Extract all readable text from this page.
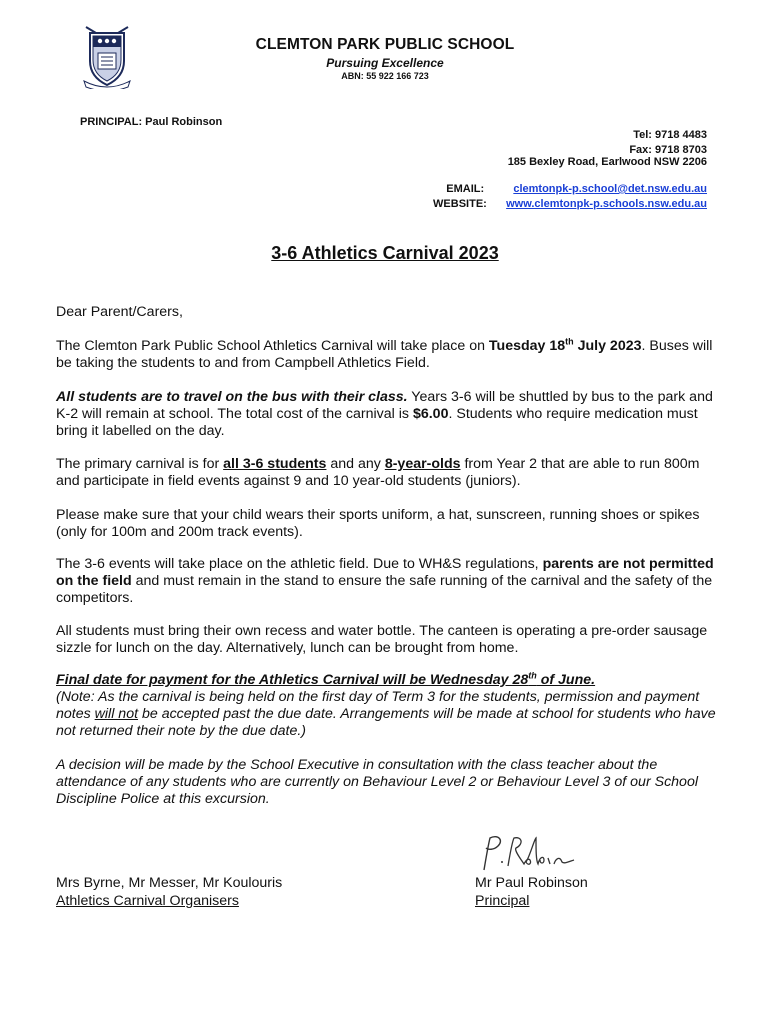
CLEMTON PARK PUBLIC SCHOOL
Pursuing Excellence
ABN: 55 922 166 723
PRINCIPAL: Paul Robinson
Tel: 9718 4483
Fax: 9718 8703
185 Bexley Road, Earlwood NSW 2206
EMAIL:	clemtonpk-p.school@det.nsw.edu.au
WEBSITE: www.clemtonpk-p.schools.nsw.edu.au
3-6 Athletics Carnival 2023

Dear Parent/Carers,

The Clemton Park Public School Athletics Carnival will take place on Tuesday 18th July 2023. Buses will be taking the students to and from Campbell Athletics Field.

All students are to travel on the bus with their class. Years 3-6 will be shuttled by bus to the park and K-2 will remain at school. The total cost of the carnival is $6.00. Students who require medication must bring it labelled on the day.

The primary carnival is for all 3-6 students and any 8-year-olds from Year 2 that are able to run 800m and participate in field events against 9 and 10 year-old students (juniors).

Please make sure that your child wears their sports uniform, a hat, sunscreen, running shoes or spikes (only for 100m and 200m track events).

The 3-6 events will take place on the athletic field. Due to WH&S regulations, parents are not permitted on the field and must remain in the stand to ensure the safe running of the carnival and the safety of the competitors.

All students must bring their own recess and water bottle. The canteen is operating a pre-order sausage sizzle for lunch on the day. Alternatively, lunch can be brought from home.

Final date for payment for the Athletics Carnival will be Wednesday 28th of June.
(Note: As the carnival is being held on the first day of Term 3 for the students, permission and payment notes will not be accepted past the due date. Arrangements will be made at school for students who have not returned their note by the due date.)

A decision will be made by the School Executive in consultation with the class teacher about the attendance of any students who are currently on Behaviour Level 2 or Behaviour Level 3 of our School Discipline Police at this excursion.

Mrs Byrne, Mr Messer, Mr Koulouris
Athletics Carnival Organisers
Mr Paul Robinson
Principal
